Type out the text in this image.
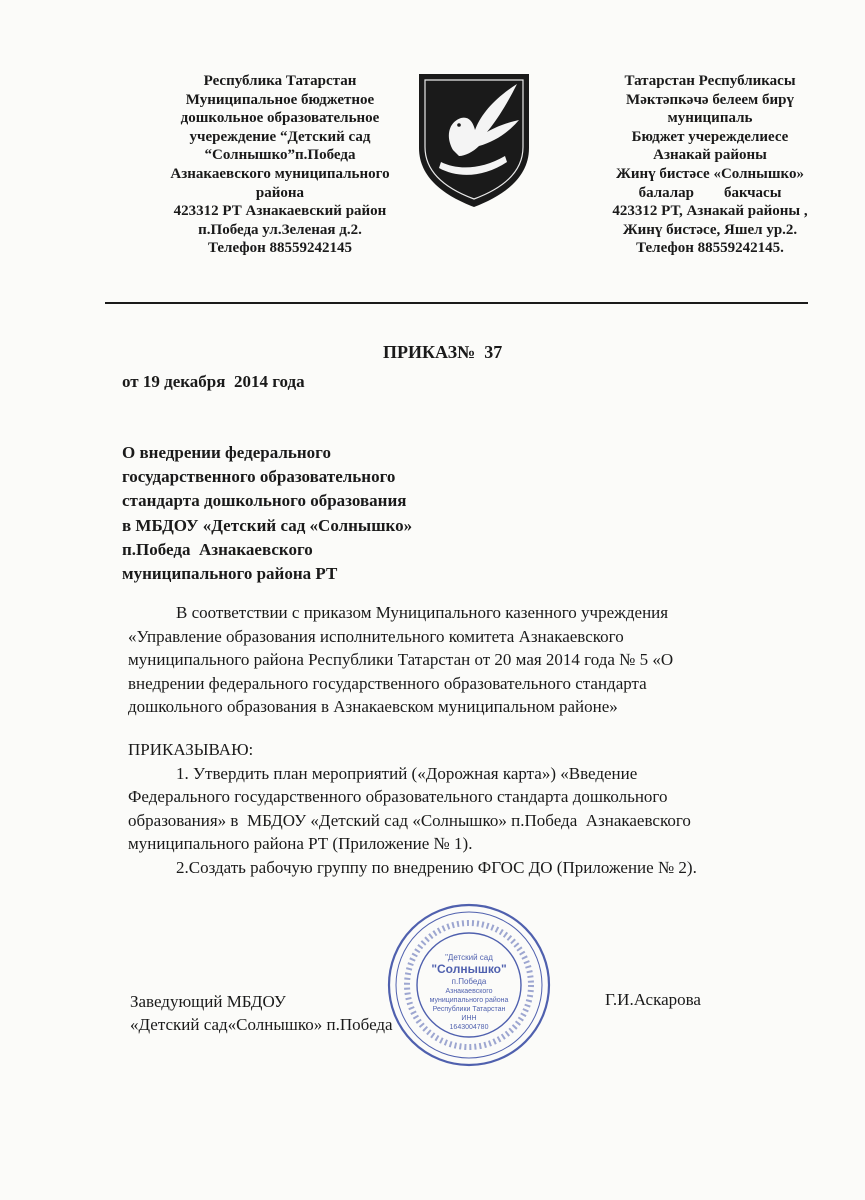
Республика Татарстан
Муниципальное бюджетное
дошкольное образовательное
учереждение “Детский сад
“Солнышко”п.Победа
Азнакаевского муниципального
района
423312 РТ Азнакаевский район
п.Победа ул.Зеленая д.2.
Телефон 88559242145
Татарстан Республикасы
Мәктәпкәчә белеем бирү
муниципаль
Бюджет учережделиесе
Азнакай районы
Жинү бистәсе «Солнышко»
балалар        бакчасы
423312 РТ, Азнакай районы ,
Жинү бистәсе, Яшел ур.2.
Телефон 88559242145.
ПРИКАЗ№  37
от 19 декабря  2014 года
О внедрении федерального
государственного образовательного
стандарта дошкольного образования
в МБДОУ «Детский сад «Солнышко»
п.Победа  Азнакаевского
муниципального района РТ
В соответствии с приказом Муниципального казенного учреждения
«Управление образования исполнительного комитета Азнакаевского
муниципального района Республики Татарстан от 20 мая 2014 года № 5 «О
внедрении федерального государственного образовательного стандарта
дошкольного образования в Азнакаевском муниципальном районе»
ПРИКАЗЫВАЮ:
1. Утвердить план мероприятий («Дорожная карта») «Введение
Федерального государственного образовательного стандарта дошкольного
образования» в  МБДОУ «Детский сад «Солнышко» п.Победа  Азнакаевского
муниципального района РТ (Приложение № 1).
2.Создать рабочую группу по внедрению ФГОС ДО (Приложение № 2).
Заведующий МБДОУ
«Детский сад«Солнышко» п.Победа
Г.И.Аскарова
"Детский сад
"Солнышко"
п.Победа
Азнакаевского
муниципального района
Республики Татарстан
ИНН
1643004780
